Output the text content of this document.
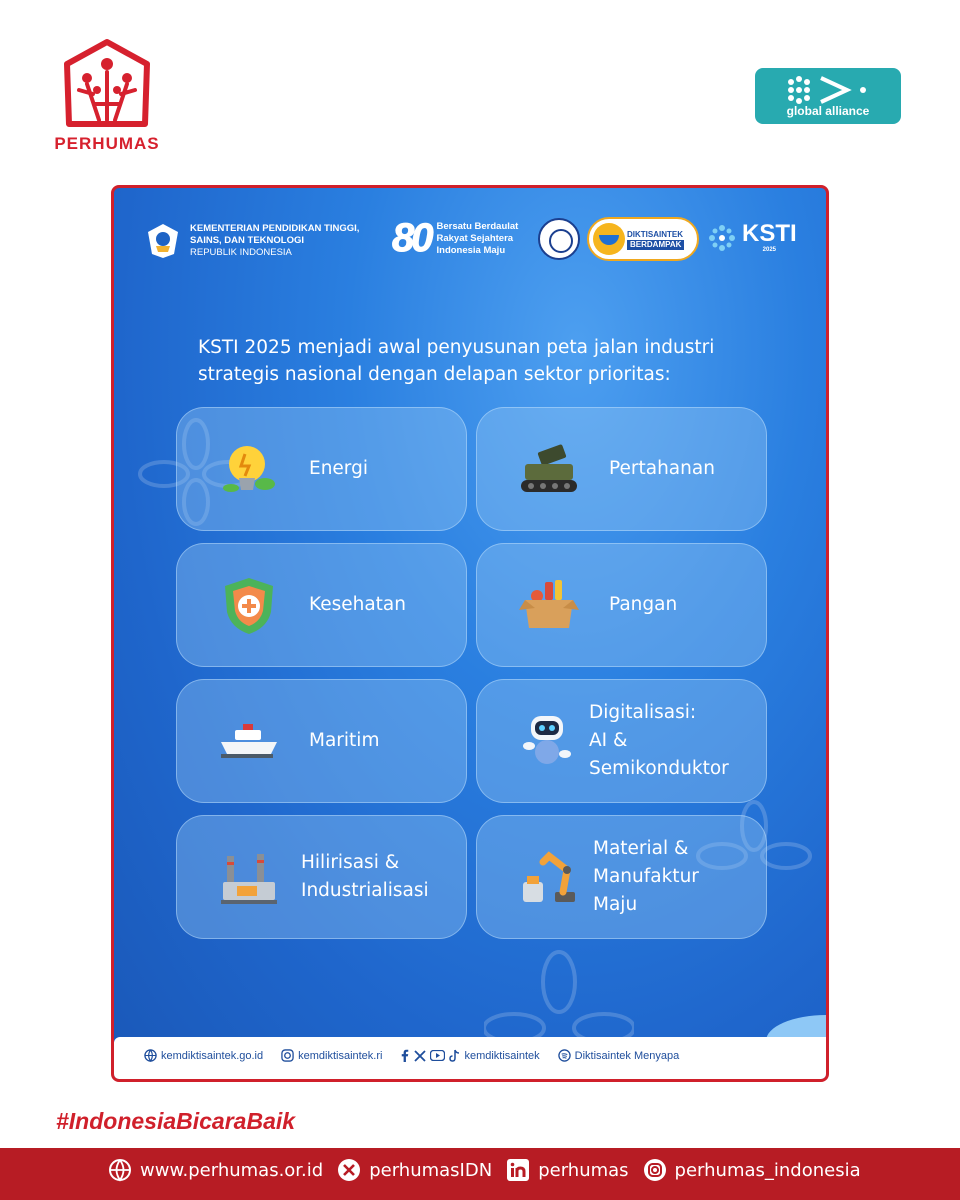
PERHUMAS
global alliance
KEMENTERIAN PENDIDIKAN TINGGI,
SAINS, DAN TEKNOLOGI
REPUBLIK INDONESIA	80 Bersatu Berdaulat
Rakyat Sejahtera
Indonesia Maju
DIKTISAINTEK
BERDAMPAK	KSTI
2025

KSTI 2025 menjadi awal penyusunan peta jalan industri strategis nasional dengan delapan sektor prioritas:

Energi	Pertahanan
Kesehatan	Pangan
Maritim
Digitalisasi:
AI &
Semikonduktor
Hilirisasi &
Industrialisasi
Material &
Manufaktur
Maju
kemdiktisaintek.go.id	kemdiktisaintek.ri	kemdiktisaintek	Diktisaintek Menyapa
#IndonesiaBicaraBaik
www.perhumas.or.id	perhumasIDN	perhumas	perhumas_indonesia
